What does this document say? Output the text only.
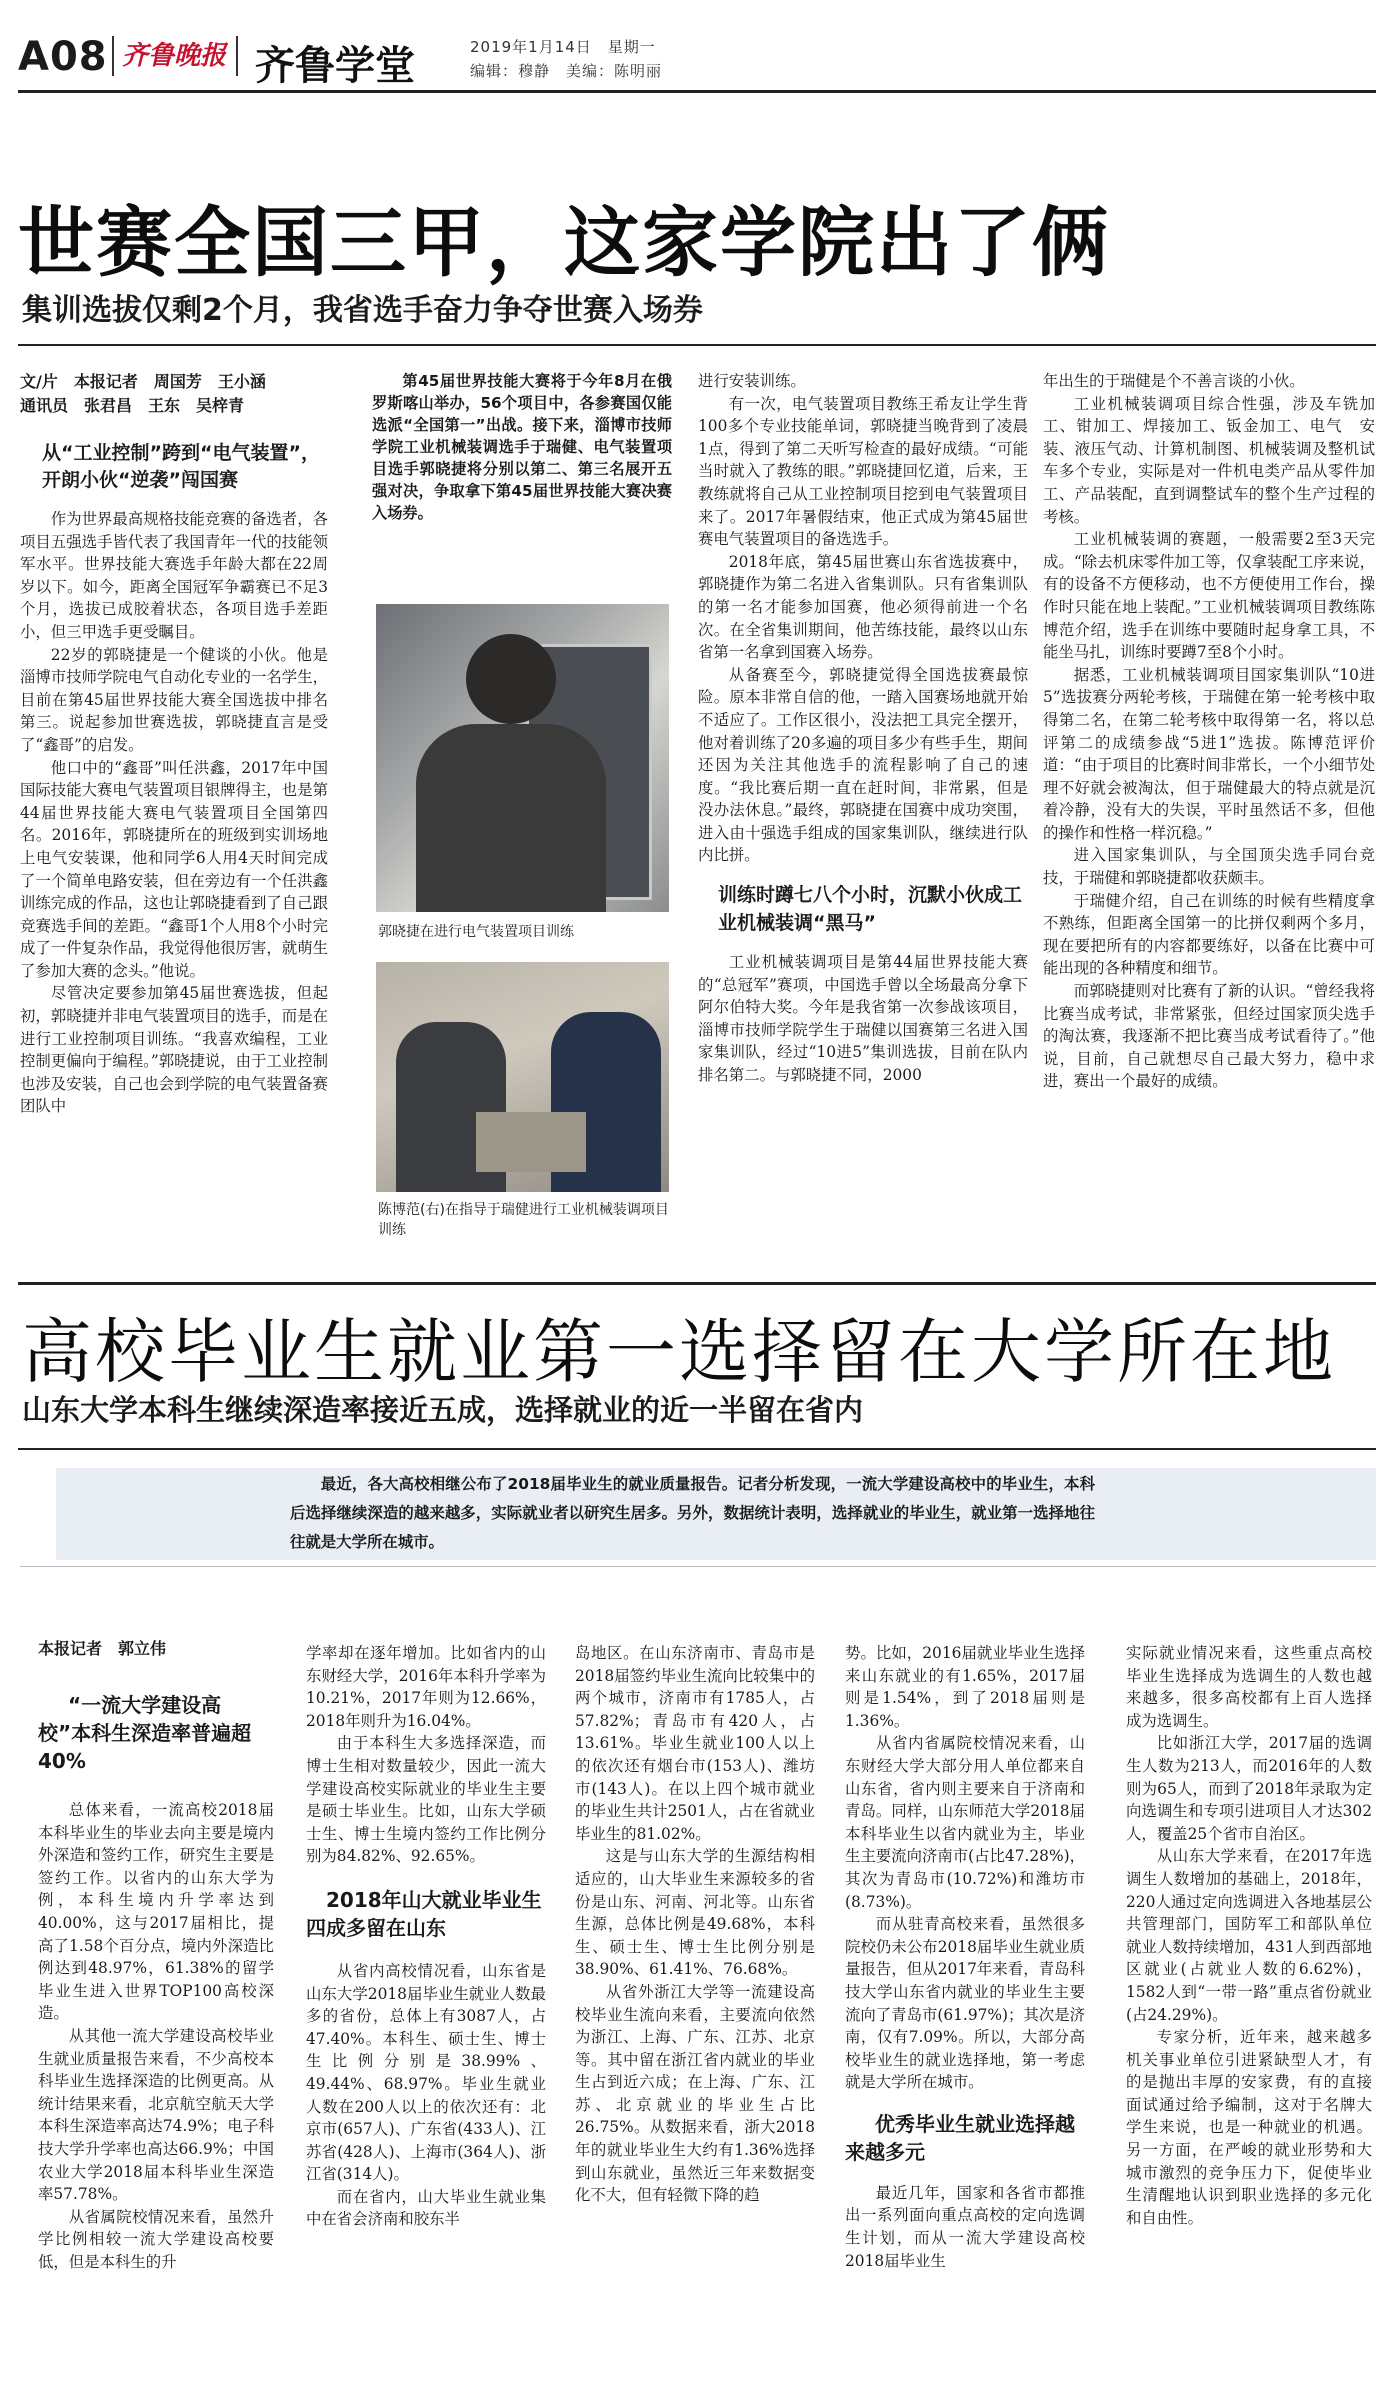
A08 齐鲁晚报 齐鲁学堂	2019年1月14日　星期一
编辑：穆静　美编：陈明丽
世赛全国三甲，这家学院出了俩
集训选拔仅剩2个月，我省选手奋力争夺世赛入场券
文/片　本报记者　周国芳　王小涵
通讯员　张君昌　王东　吴梓青
从“工业控制”跨到“电气装置”，开朗小伙“逆袭”闯国赛

作为世界最高规格技能竞赛的备选者，各项目五强选手皆代表了我国青年一代的技能领军水平。世界技能大赛选手年龄大都在22周岁以下。如今，距离全国冠军争霸赛已不足3个月，选拔已成胶着状态，各项目选手差距小，但三甲选手更受瞩目。

22岁的郭晓捷是一个健谈的小伙。他是淄博市技师学院电气自动化专业的一名学生，目前在第45届世界技能大赛全国选拔中排名第三。说起参加世赛选拔，郭晓捷直言是受了“鑫哥”的启发。

他口中的“鑫哥”叫任洪鑫，2017年中国国际技能大赛电气装置项目银牌得主，也是第44届世界技能大赛电气装置项目全国第四名。2016年，郭晓捷所在的班级到实训场地上电气安装课，他和同学6人用4天时间完成了一个简单电路安装，但在旁边有一个任洪鑫训练完成的作品，这也让郭晓捷看到了自己跟竞赛选手间的差距。“鑫哥1个人用8个小时完成了一件复杂作品，我觉得他很厉害，就萌生了参加大赛的念头。”他说。

尽管决定要参加第45届世赛选拔，但起初，郭晓捷并非电气装置项目的选手，而是在进行工业控制项目训练。“我喜欢编程，工业控制更偏向于编程。”郭晓捷说，由于工业控制也涉及安装，自己也会到学院的电气装置备赛团队中

第45届世界技能大赛将于今年8月在俄罗斯喀山举办，56个项目中，各参赛国仅能选派“全国第一”出战。接下来，淄博市技师学院工业机械装调选手于瑞健、电气装置项目选手郭晓捷将分别以第二、第三名展开五强对决，争取拿下第45届世界技能大赛决赛入场券。

郭晓捷在进行电气装置项目训练
陈博范(右)在指导于瑞健进行工业机械装调项目训练

进行安装训练。

有一次，电气装置项目教练王希友让学生背100多个专业技能单词，郭晓捷当晚背到了凌晨1点，得到了第二天听写检查的最好成绩。“可能当时就入了教练的眼。”郭晓捷回忆道，后来，王教练就将自己从工业控制项目挖到电气装置项目来了。2017年暑假结束，他正式成为第45届世赛电气装置项目的备选选手。

2018年底，第45届世赛山东省选拔赛中，郭晓捷作为第二名进入省集训队。只有省集训队的第一名才能参加国赛，他必须得前进一个名次。在全省集训期间，他苦练技能，最终以山东省第一名拿到国赛入场券。

从备赛至今，郭晓捷觉得全国选拔赛最惊险。原本非常自信的他，一踏入国赛场地就开始不适应了。工作区很小，没法把工具完全摆开，他对着训练了20多遍的项目多少有些手生，期间还因为关注其他选手的流程影响了自己的速度。“我比赛后期一直在赶时间，非常累，但是没办法休息。”最终，郭晓捷在国赛中成功突围，进入由十强选手组成的国家集训队，继续进行队内比拼。

训练时蹲七八个小时，沉默小伙成工业机械装调“黑马”

工业机械装调项目是第44届世界技能大赛的“总冠军”赛项，中国选手曾以全场最高分拿下阿尔伯特大奖。今年是我省第一次参战该项目，淄博市技师学院学生于瑞健以国赛第三名进入国家集训队，经过“10进5”集训选拔，目前在队内排名第二。与郭晓捷不同，2000

年出生的于瑞健是个不善言谈的小伙。

工业机械装调项目综合性强，涉及车铣加工、钳加工、焊接加工、钣金加工、电气　安装、液压气动、计算机制图、机械装调及整机试车多个专业，实际是对一件机电类产品从零件加工、产品装配，直到调整试车的整个生产过程的考核。

工业机械装调的赛题，一般需要2至3天完成。“除去机床零件加工等，仅拿装配工序来说，有的设备不方便移动，也不方便使用工作台，操作时只能在地上装配。”工业机械装调项目教练陈博范介绍，选手在训练中要随时起身拿工具，不能坐马扎，训练时要蹲7至8个小时。

据悉，工业机械装调项目国家集训队“10进5”选拔赛分两轮考核，于瑞健在第一轮考核中取得第二名，在第二轮考核中取得第一名，将以总评第二的成绩参战“5进1”选拔。陈博范评价道：“由于项目的比赛时间非常长，一个小细节处理不好就会被淘汰，但于瑞健最大的特点就是沉着冷静，没有大的失误，平时虽然话不多，但他的操作和性格一样沉稳。”

进入国家集训队，与全国顶尖选手同台竞技，于瑞健和郭晓捷都收获颇丰。

于瑞健介绍，自己在训练的时候有些精度拿不熟练，但距离全国第一的比拼仅剩两个多月，现在要把所有的内容都要练好，以备在比赛中可能出现的各种精度和细节。

而郭晓捷则对比赛有了新的认识。“曾经我将比赛当成考试，非常紧张，但经过国家顶尖选手的淘汰赛，我逐渐不把比赛当成考试看待了。”他说，目前，自己就想尽自己最大努力，稳中求进，赛出一个最好的成绩。

高校毕业生就业第一选择留在大学所在地
山东大学本科生继续深造率接近五成，选择就业的近一半留在省内
最近，各大高校相继公布了2018届毕业生的就业质量报告。记者分析发现，一流大学建设高校中的毕业生，本科后选择继续深造的越来越多，实际就业者以研究生居多。另外，数据统计表明，选择就业的毕业生，就业第一选择地往往就是大学所在城市。
本报记者　郭立伟
“一流大学建设高校”本科生深造率普遍超40%

总体来看，一流高校2018届本科毕业生的毕业去向主要是境内外深造和签约工作，研究生主要是签约工作。以省内的山东大学为例，本科生境内升学率达到40.00%，这与2017届相比，提高了1.58个百分点，境内外深造比例达到48.97%，61.38%的留学毕业生进入世界TOP100高校深造。

从其他一流大学建设高校毕业生就业质量报告来看，不少高校本科毕业生选择深造的比例更高。从统计结果来看，北京航空航天大学本科生深造率高达74.9%；电子科技大学升学率也高达66.9%；中国农业大学2018届本科毕业生深造率57.78%。

从省属院校情况来看，虽然升学比例相较一流大学建设高校要低，但是本科生的升

学率却在逐年增加。比如省内的山东财经大学，2016年本科升学率为10.21%，2017年则为12.66%，2018年则升为16.04%。

由于本科生大多选择深造，而博士生相对数量较少，因此一流大学建设高校实际就业的毕业生主要是硕士毕业生。比如，山东大学硕士生、博士生境内签约工作比例分别为84.82%、92.65%。

2018年山大就业毕业生四成多留在山东

从省内高校情况看，山东省是山东大学2018届毕业生就业人数最多的省份，总体上有3087人，占47.40%。本科生、硕士生、博士生比例分别是38.99%、49.44%、68.97%。毕业生就业人数在200人以上的依次还有：北京市(657人)、广东省(433人)、江苏省(428人)、上海市(364人)、浙江省(314人)。

而在省内，山大毕业生就业集中在省会济南和胶东半

岛地区。在山东济南市、青岛市是2018届签约毕业生流向比较集中的两个城市，济南市有1785人，占57.82%；青岛市有420人，占13.61%。毕业生就业100人以上的依次还有烟台市(153人)、潍坊市(143人)。在以上四个城市就业的毕业生共计2501人，占在省就业毕业生的81.02%。

这是与山东大学的生源结构相适应的，山大毕业生来源较多的省份是山东、河南、河北等。山东省生源，总体比例是49.68%，本科生、硕士生、博士生比例分别是38.90%、61.41%、76.68%。

从省外浙江大学等一流建设高校毕业生流向来看，主要流向依然为浙江、上海、广东、江苏、北京等。其中留在浙江省内就业的毕业生占到近六成；在上海、广东、江苏、北京就业的毕业生占比26.75%。从数据来看，浙大2018年的就业毕业生大约有1.36%选择到山东就业，虽然近三年来数据变化不大，但有轻微下降的趋

势。比如，2016届就业毕业生选择来山东就业的有1.65%，2017届则是1.54%，到了2018届则是1.36%。

从省内省属院校情况来看，山东财经大学大部分用人单位都来自山东省，省内则主要来自于济南和青岛。同样，山东师范大学2018届本科毕业生以省内就业为主，毕业生主要流向济南市(占比47.28%)，其次为青岛市(10.72%)和潍坊市(8.73%)。

而从驻青高校来看，虽然很多院校仍未公布2018届毕业生就业质量报告，但从2017年来看，青岛科技大学山东省内就业的毕业生主要流向了青岛市(61.97%)；其次是济南，仅有7.09%。所以，大部分高校毕业生的就业选择地，第一考虑就是大学所在城市。

优秀毕业生就业选择越来越多元

最近几年，国家和各省市都推出一系列面向重点高校的定向选调生计划，而从一流大学建设高校2018届毕业生

实际就业情况来看，这些重点高校毕业生选择成为选调生的人数也越来越多，很多高校都有上百人选择成为选调生。

比如浙江大学，2017届的选调生人数为213人，而2016年的人数则为65人，而到了2018年录取为定向选调生和专项引进项目人才达302人，覆盖25个省市自治区。

从山东大学来看，在2017年选调生人数增加的基础上，2018年，220人通过定向选调进入各地基层公共管理部门，国防军工和部队单位就业人数持续增加，431人到西部地区就业(占就业人数的6.62%)，1582人到“一带一路”重点省份就业(占24.29%)。

专家分析，近年来，越来越多机关事业单位引进紧缺型人才，有的是抛出丰厚的安家费，有的直接面试通过给予编制，这对于名牌大学生来说，也是一种就业的机遇。另一方面，在严峻的就业形势和大城市激烈的竞争压力下，促使毕业生清醒地认识到职业选择的多元化和自由性。
